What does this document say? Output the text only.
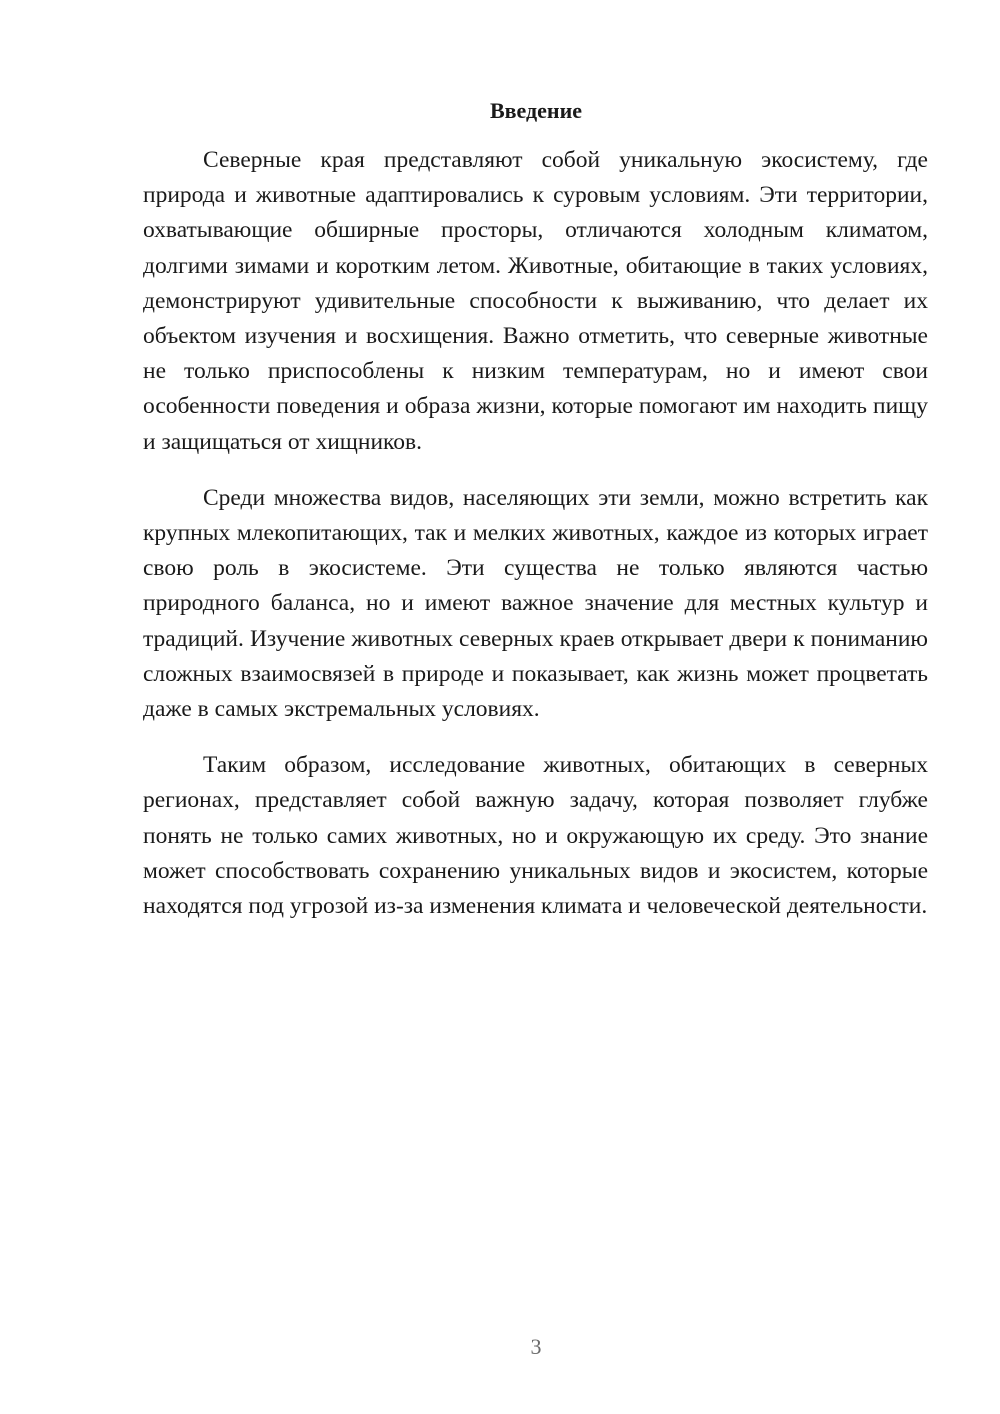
Введение

Северные края представляют собой уникальную экосистему, где природа и животные адаптировались к суровым условиям. Эти территории, охватывающие обширные просторы, отличаются холодным климатом, долгими зимами и коротким летом. Животные, обитающие в таких условиях, демонстрируют удивительные способности к выживанию, что делает их объектом изучения и восхищения. Важно отметить, что северные животные не только приспособлены к низким температурам, но и имеют свои особенности поведения и образа жизни, которые помогают им находить пищу и защищаться от хищников.

Среди множества видов, населяющих эти земли, можно встретить как крупных млекопитающих, так и мелких животных, каждое из которых играет свою роль в экосистеме. Эти существа не только являются частью природного баланса, но и имеют важное значение для местных культур и традиций. Изучение животных северных краев открывает двери к пониманию сложных взаимосвязей в природе и показывает, как жизнь может процветать даже в самых экстремальных условиях.

Таким образом, исследование животных, обитающих в северных регионах, представляет собой важную задачу, которая позволяет глубже понять не только самих животных, но и окружающую их среду. Это знание может способствовать сохранению уникальных видов и экосистем, которые находятся под угрозой из-за изменения климата и человеческой деятельности.

3
